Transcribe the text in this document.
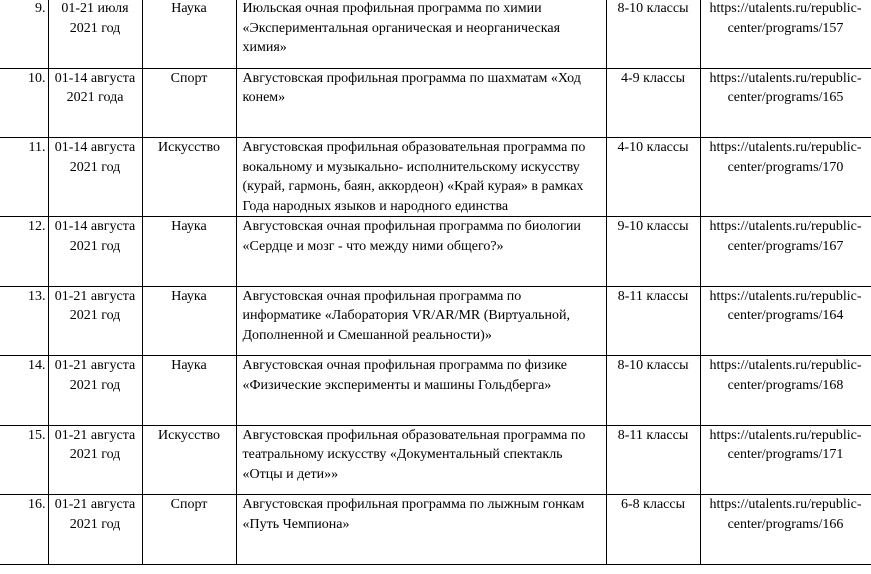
9.	01-21 июля 2021 год	Наука	Июльская очная профильная программа по химии «Экспериментальная органическая и неорганическая химия»	8-10 классы	https://utalents.ru/republic-center/programs/157
10.	01-14 августа 2021 года	Спорт	Августовская профильная программа по шахматам «Ход конем»	4-9 классы	https://utalents.ru/republic-center/programs/165
11.	01-14 августа 2021 год	Искусство	Августовская профильная образовательная программа по вокальному и музыкально- исполнительскому искусству (курай, гармонь, баян, аккордеон) «Край курая» в рамках Года народных языков и народного единства	4-10 классы	https://utalents.ru/republic-center/programs/170
12.	01-14 августа 2021 год	Наука	Августовская очная профильная программа по биологии «Сердце и мозг - что между ними общего?»	9-10 классы	https://utalents.ru/republic-center/programs/167
13.	01-21 августа 2021 год	Наука	Августовская очная профильная программа по информатике «Лаборатория VR/AR/MR (Виртуальной, Дополненной и Смешанной реальности)»	8-11 классы	https://utalents.ru/republic-center/programs/164
14.	01-21 августа 2021 год	Наука	Августовская очная профильная программа по физике «Физические эксперименты и машины Гольдберга»	8-10 классы	https://utalents.ru/republic-center/programs/168
15.	01-21 августа 2021 год	Искусство	Августовская профильная образовательная программа по театральному искусству «Документальный спектакль «Отцы и дети»»	8-11 классы	https://utalents.ru/republic-center/programs/171
16.	01-21 августа 2021 год	Спорт	Августовская профильная программа по лыжным гонкам «Путь Чемпиона»	6-8 классы	https://utalents.ru/republic-center/programs/166
